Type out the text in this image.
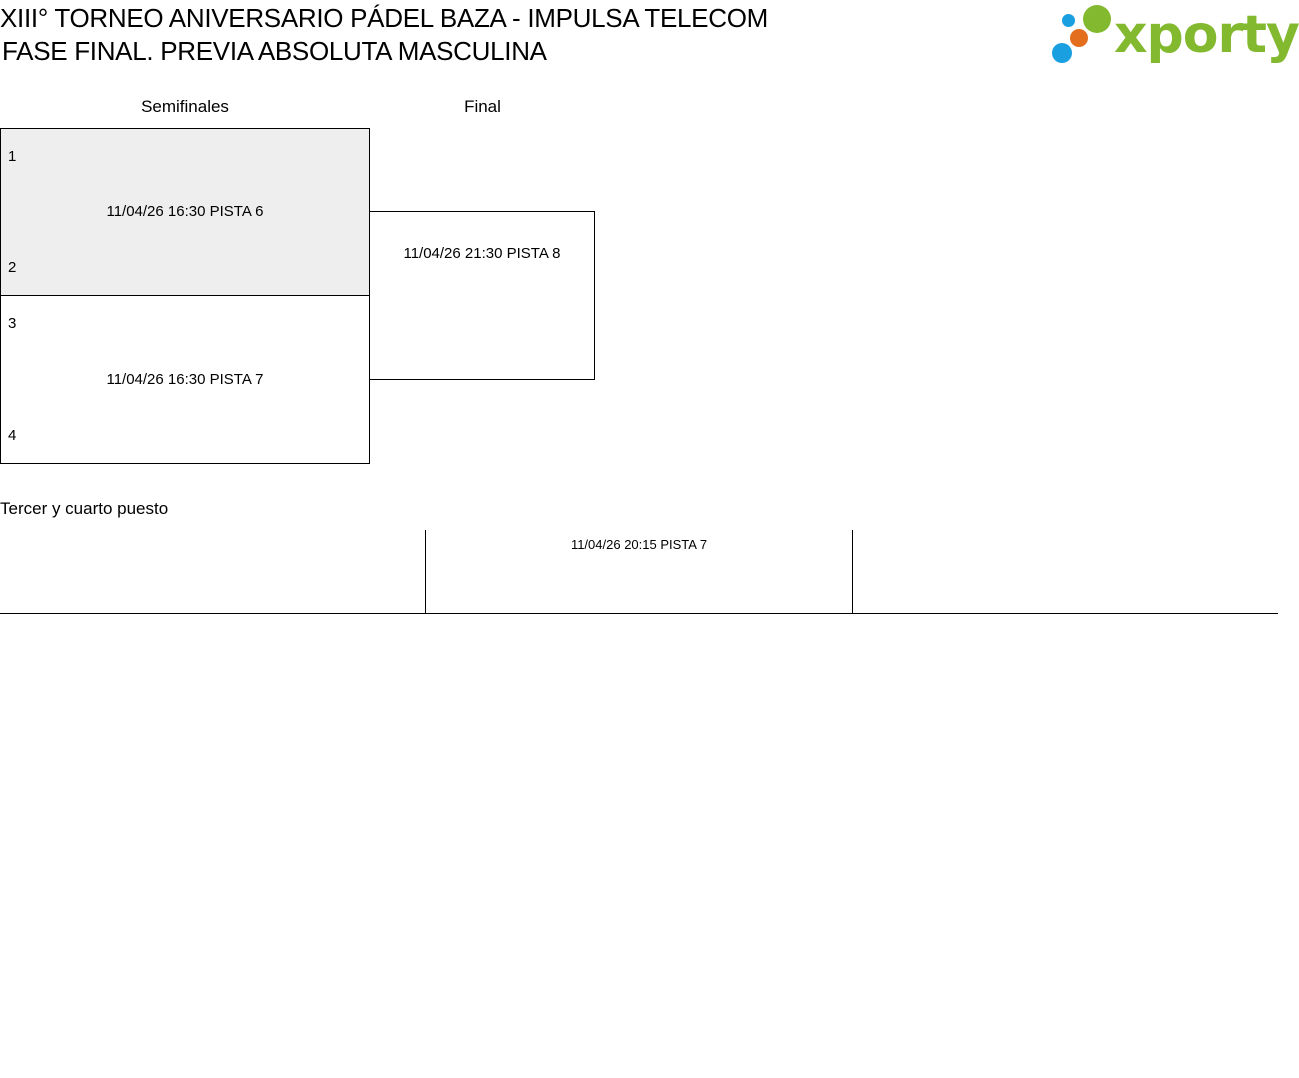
XIII° TORNEO ANIVERSARIO PÁDEL BAZA - IMPULSA TELECOM
FASE FINAL. PREVIA ABSOLUTA MASCULINA	xporty
Semifinales	Final
1
11/04/26 16:30 PISTA 6
2
3
11/04/26 16:30 PISTA 7
4
11/04/26 21:30 PISTA 8
Tercer y cuarto puesto
11/04/26 20:15 PISTA 7
